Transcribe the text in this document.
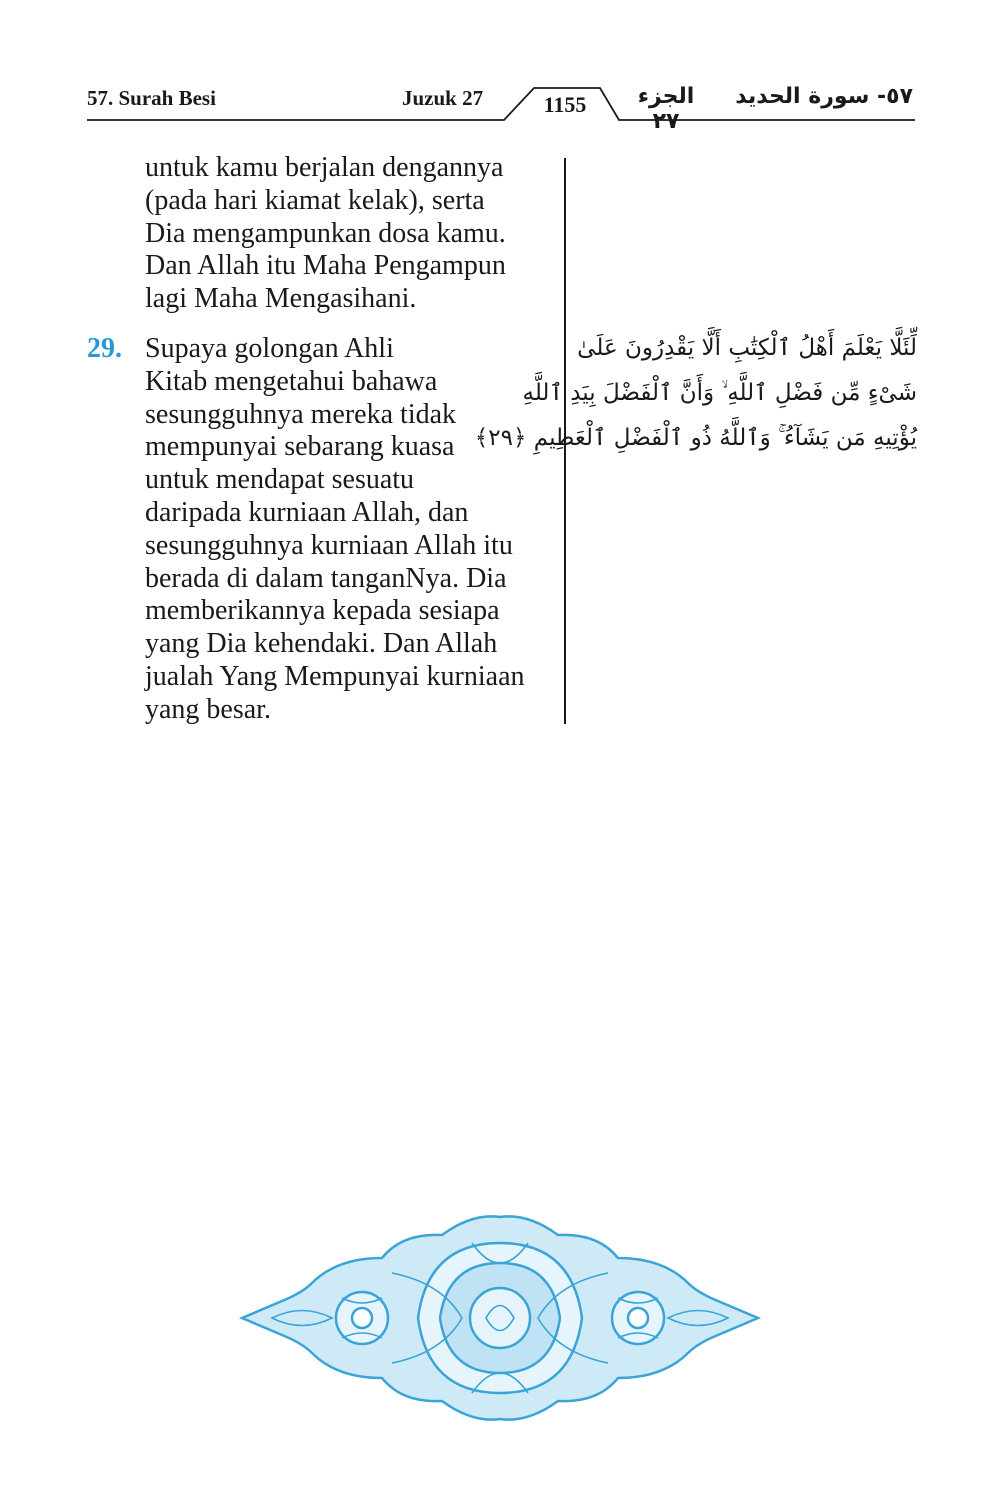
57. Surah Besi	Juzuk 27	الجزء ٢٧
٥٧- سورة الحديد
1155
untuk kamu berjalan dengannya
(pada hari kiamat kelak), serta
Dia mengampunkan dosa kamu.
Dan Allah itu Maha Pengampun
lagi Maha Mengasihani.
29. Supaya golongan Ahli
Kitab mengetahui bahawa
sesungguhnya mereka tidak
mempunyai sebarang kuasa
untuk mendapat sesuatu
daripada kurniaan Allah, dan
sesungguhnya kurniaan Allah itu
berada di dalam tanganNya. Dia
memberikannya kepada sesiapa
yang Dia kehendaki. Dan Allah
jualah Yang Mempunyai kurniaan
yang besar.
لِّئَلَّا يَعْلَمَ أَهْلُ ٱلْكِتَٰبِ أَلَّا يَقْدِرُونَ عَلَىٰ
شَىْءٍ مِّن فَضْلِ ٱللَّهِ ۙ وَأَنَّ ٱلْفَضْلَ بِيَدِ ٱللَّهِ
يُؤْتِيهِ مَن يَشَآءُ ۚ وَٱللَّهُ ذُو ٱلْفَضْلِ ٱلْعَظِيمِ ﴿٢٩﴾
